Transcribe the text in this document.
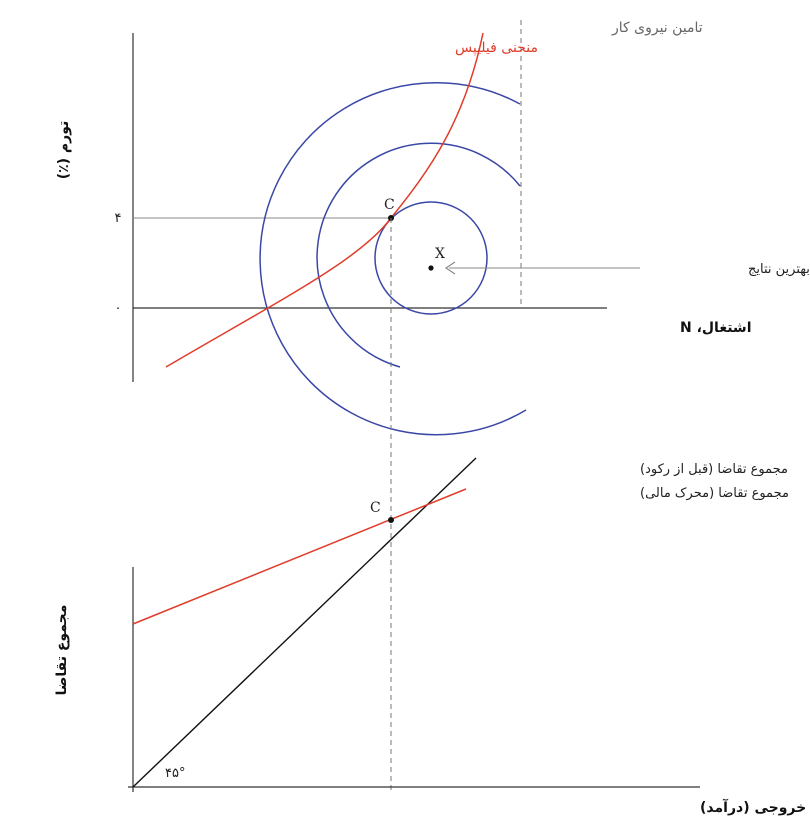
C
X
بهترین نتایج
۴
۰
تورم (٪)
اشتغال، N
منحنی فیلیپس
تامین نیروی کار
C
مجموع تقاضا (قبل از رکود)
مجموع تقاضا (محرک مالی)
۴۵°
مجموع تقاضا
خروجی (درآمد)
